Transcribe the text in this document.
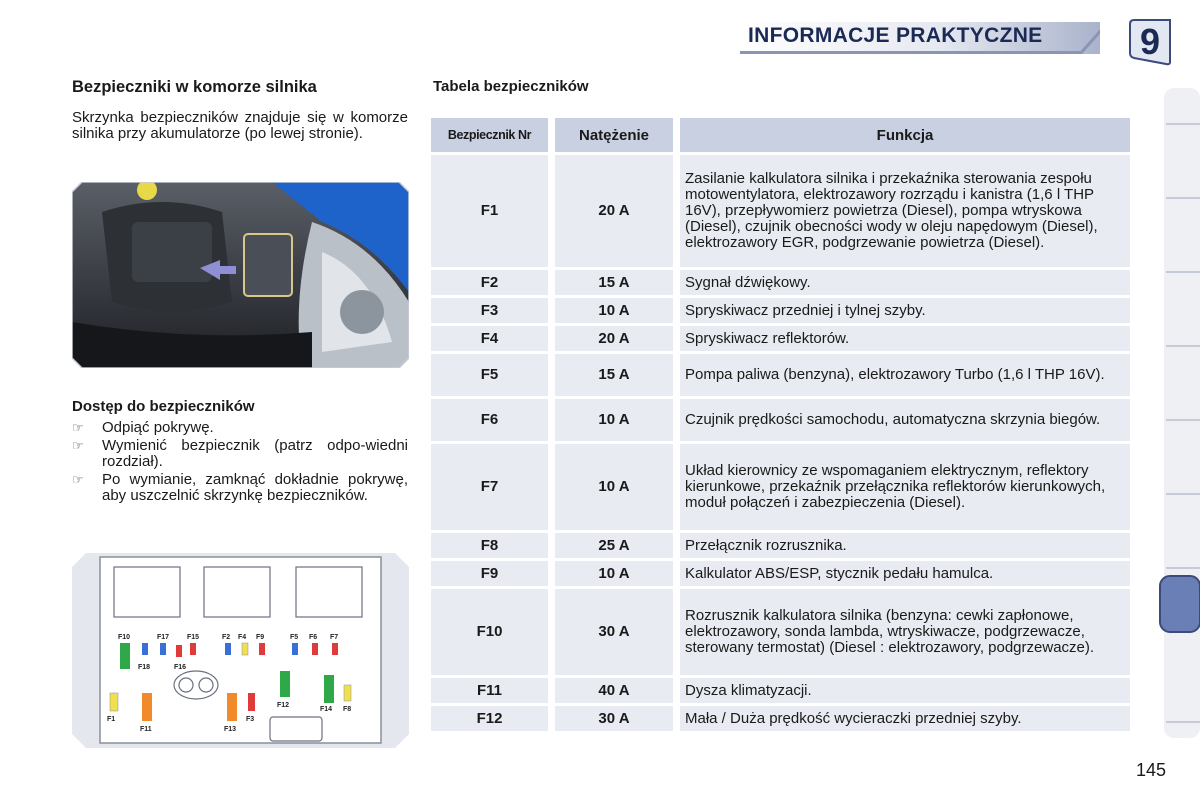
INFORMACJE PRAKTYCZNE	9
Bezpieczniki w komorze silnika
Skrzynka bezpieczników znajduje się w komorze silnika przy akumulatorze (po lewej stronie).
Dostęp do bezpieczników
☞ Odpiąć pokrywę.
☞ Wymienić bezpiecznik (patrz odpo-wiedni rozdział).
☞ Po wymianie, zamknąć dokładnie pokrywę, aby uszczelnić skrzynkę bezpieczników.
F10	F17	F15	F2 F4 F9	F5 F6 F7
F18	F16
F1
F11	F13
F3
F12
F14 F8
Tabela bezpieczników
Bezpiecznik Nr	Natężenie	Funkcja
F1	20 A	Zasilanie kalkulatora silnika i przekaźnika sterowania zespołu motowentylatora, elektrozawory rozrządu i kanistra (1,6 l THP 16V), przepływomierz powietrza (Diesel), pompa wtryskowa (Diesel), czujnik obecności wody w oleju napędowym (Diesel), elektrozawory EGR, podgrzewanie powietrza (Diesel).
F2	15 A	Sygnał dźwiękowy.
F3	10 A	Spryskiwacz przedniej i tylnej szyby.
F4	20 A	Spryskiwacz reflektorów.
F5	15 A	Pompa paliwa (benzyna), elektrozawory Turbo (1,6 l THP 16V).
F6	10 A	Czujnik prędkości samochodu, automatyczna skrzynia biegów.
F7	10 A	Układ kierownicy ze wspomaganiem elektrycznym, reflektory kierunkowe, przekaźnik przełącznika reflektorów kierunkowych, moduł połączeń i zabezpieczenia (Diesel).
F8	25 A	Przełącznik rozrusznika.
F9	10 A	Kalkulator ABS/ESP, stycznik pedału hamulca.
F10	30 A	Rozrusznik kalkulatora silnika (benzyna: cewki zapłonowe, elektrozawory, sonda lambda, wtryskiwacze, podgrzewacze, sterowany termostat) (Diesel : elektrozawory, podgrzewacze).
F11	40 A	Dysza klimatyzacji.
F12	30 A	Mała / Duża prędkość wycieraczki przedniej szyby.
145
